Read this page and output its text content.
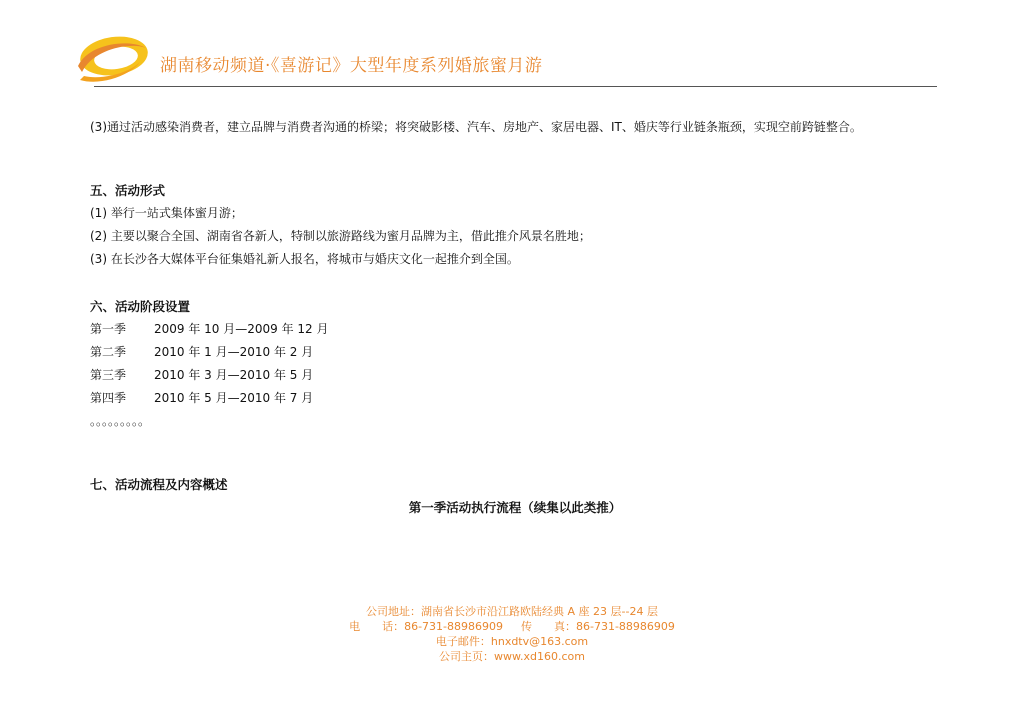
湖南移动频道·《喜游记》大型年度系列婚旅蜜月游

(3)通过活动感染消费者，建立品牌与消费者沟通的桥梁；将突破影楼、汽车、房地产、家居电器、IT、婚庆等行业链条瓶颈，实现空前跨链整合。

五、活动形式

(1) 举行一站式集体蜜月游；

(2) 主要以聚合全国、湖南省各新人，特制以旅游路线为蜜月品牌为主，借此推介风景名胜地；

(3) 在长沙各大媒体平台征集婚礼新人报名，将城市与婚庆文化一起推介到全国。

六、活动阶段设置

第一季	2009 年 10 月—2009 年 12 月
第二季	2010 年 1 月—2010 年 2 月
第三季	2010 年 3 月—2010 年 5 月
第四季	2010 年 5 月—2010 年 7 月

。。。。。。。。。

七、活动流程及内容概述

第一季活动执行流程（续集以此类推）

公司地址：湖南省长沙市沿江路欧陆经典 A 座 23 层--24 层
电　　话：86-731-88986909 传　　真：86-731-88986909
电子邮件：hnxdtv@163.com
公司主页：www.xd160.com
